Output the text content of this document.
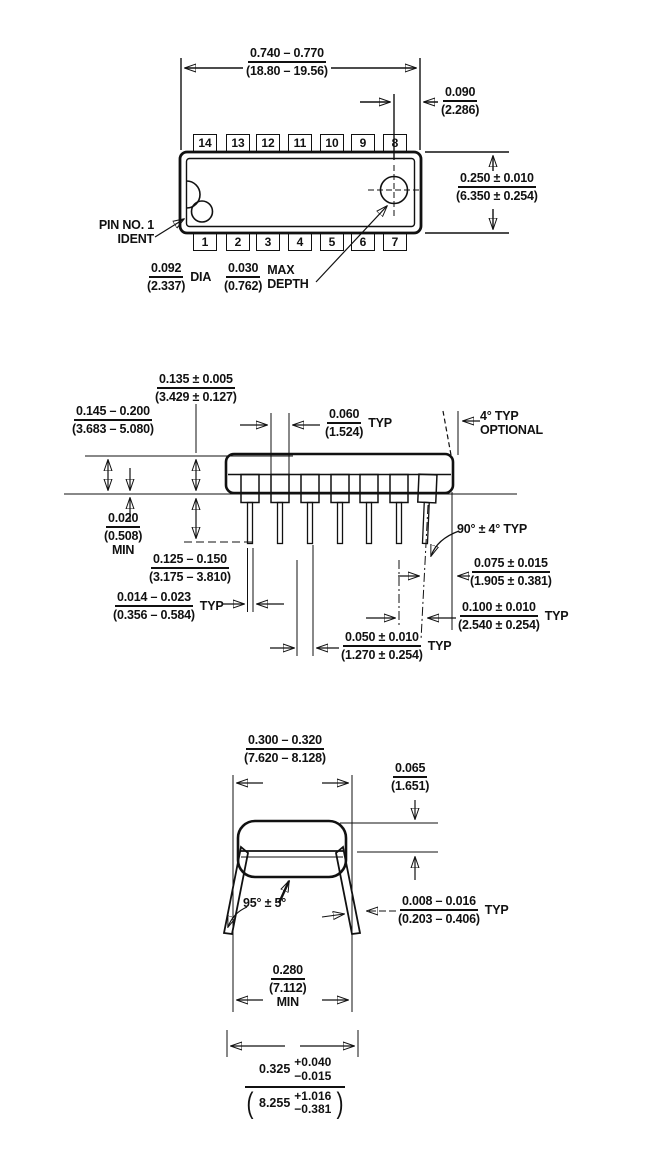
14	13	12	11	10	9	8
1	2	3	4	5	6	7
$\frac{0.740 - 0.770}{(18.80 - 19.56)}$
$\frac{0.090}{(2.286)}$
$\frac{0.250 \pm 0.010}{(6.350 \pm 0.254)}$
PIN NO. 1
IDENT
$\frac{0.092}{(2.337)}$ DIA $\frac{0.030}{(0.762)}$ MAX
DEPTH
$\frac{0.135 \pm 0.005}{(3.429 \pm 0.127)}$
$\frac{0.145 - 0.200}{(3.683 - 5.080)}$	$\frac{0.060}{(1.524)}$ TYP	4° TYP
OPTIONAL
90° ± 4° TYP
0.020
(0.508)
MIN
$\frac{0.125 - 0.150}{(3.175 - 3.810)}$	$\frac{0.075 \pm 0.015}{(1.905 \pm 0.381)}$
$\frac{0.014 - 0.023}{(0.356 - 0.584)}$ TYP	$\frac{0.100 \pm 0.010}{(2.540 \pm 0.254)}$ TYP
$\frac{0.050 \pm 0.010}{(1.270 \pm 0.254)}$ TYP
$\frac{0.300 - 0.320}{(7.620 - 8.128)}$
$\frac{0.065}{(1.651)}$
95° ± 5°	$\frac{0.008 - 0.016}{(0.203 - 0.406)}$ TYP
0.280
(7.112)
MIN
0.325 +0.040
−0.015
( 8.255 +1.016
−0.381 )
